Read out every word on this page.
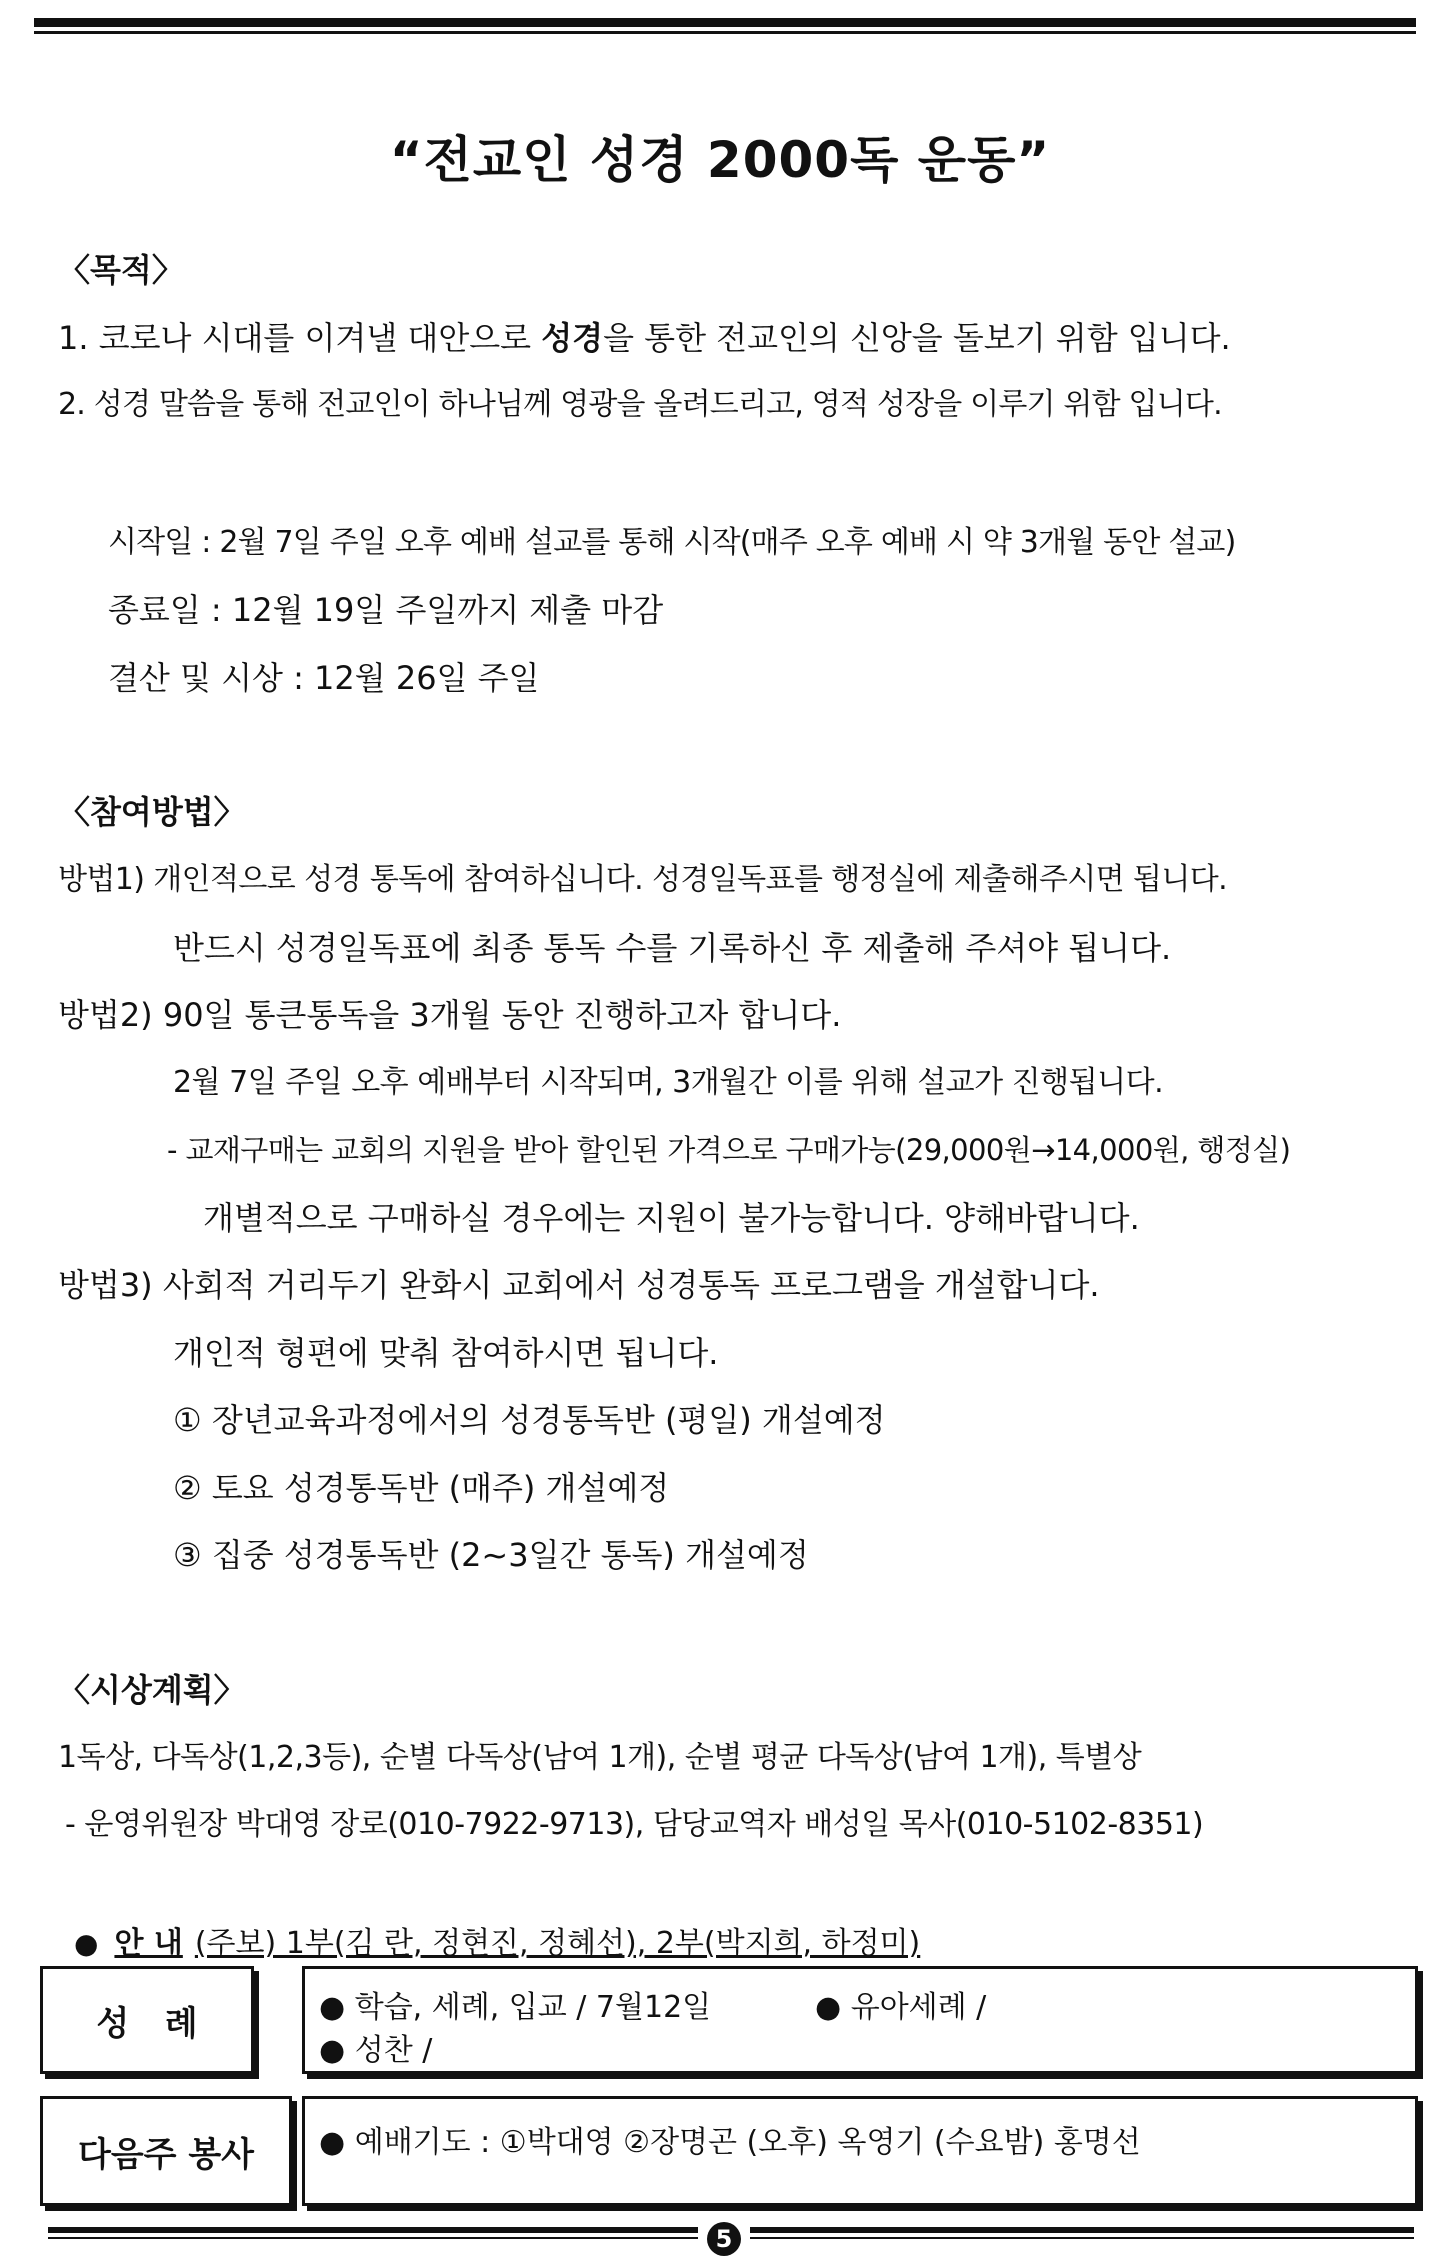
“전교인 성경 2000독 운동”
〈목적〉
1. 코로나 시대를 이겨낼 대안으로 성경을 통한 전교인의 신앙을 돌보기 위함 입니다.
2. 성경 말씀을 통해 전교인이 하나님께 영광을 올려드리고, 영적 성장을 이루기 위함 입니다.
시작일 : 2월 7일 주일 오후 예배 설교를 통해 시작(매주 오후 예배 시 약 3개월 동안 설교)
종료일 : 12월 19일 주일까지 제출 마감
결산 및 시상 : 12월 26일 주일
〈참여방법〉
방법1) 개인적으로 성경 통독에 참여하십니다. 성경일독표를 행정실에 제출해주시면 됩니다.
반드시 성경일독표에 최종 통독 수를 기록하신 후 제출해 주셔야 됩니다.
방법2) 90일 통큰통독을 3개월 동안 진행하고자 합니다.
2월 7일 주일 오후 예배부터 시작되며, 3개월간 이를 위해 설교가 진행됩니다.
- 교재구매는 교회의 지원을 받아 할인된 가격으로 구매가능(29,000원→14,000원, 행정실)
개별적으로 구매하실 경우에는 지원이 불가능합니다. 양해바랍니다.
방법3) 사회적 거리두기 완화시 교회에서 성경통독 프로그램을 개설합니다.
개인적 형편에 맞춰 참여하시면 됩니다.
① 장년교육과정에서의 성경통독반 (평일) 개설예정
② 토요 성경통독반 (매주) 개설예정
③ 집중 성경통독반 (2~3일간 통독) 개설예정
〈시상계획〉
1독상, 다독상(1,2,3등), 순별 다독상(남여 1개), 순별 평균 다독상(남여 1개), 특별상
- 운영위원장 박대영 장로(010-7922-9713), 담당교역자 배성일 목사(010-5102-8351)
● 안 내 (주보) 1부(김 란, 정현진, 정혜선), 2부(박지희, 하정미)
성   례	● 학습, 세례, 입교 / 7월12일	● 유아세례 /
● 성찬 /
다음주 봉사 ● 예배기도 : ①박대영 ②장명곤 (오후) 옥영기 (수요밤) 홍명선
5
